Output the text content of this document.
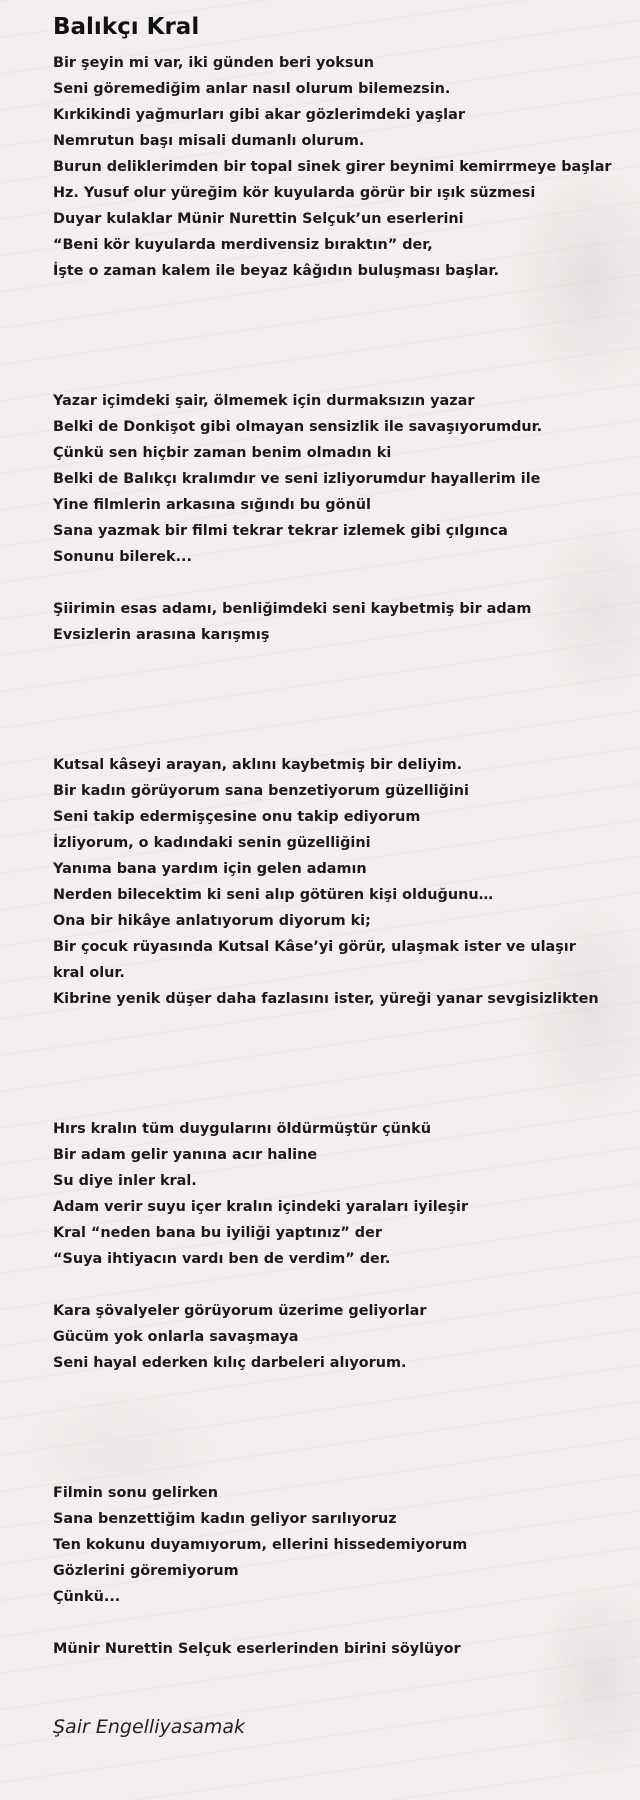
Balıkçı Kral
Bir şeyin mi var, iki günden beri yoksun
Seni göremediğim anlar nasıl olurum bilemezsin.
Kırkikindi yağmurları gibi akar gözlerimdeki yaşlar
Nemrutun başı misali dumanlı olurum.
Burun deliklerimden bir topal sinek girer beynimi kemirrmeye başlar
Hz. Yusuf olur yüreğim kör kuyularda görür bir ışık süzmesi
Duyar kulaklar Münir Nurettin Selçuk’un eserlerini
“Beni kör kuyularda merdivensiz bıraktın” der,
İşte o zaman kalem ile beyaz kâğıdın buluşması başlar.
Yazar içimdeki şair, ölmemek için durmaksızın yazar
Belki de Donkişot gibi olmayan sensizlik ile savaşıyorumdur.
Çünkü sen hiçbir zaman benim olmadın ki
Belki de Balıkçı kralımdır ve seni izliyorumdur hayallerim ile
Yine filmlerin arkasına sığındı bu gönül
Sana yazmak bir filmi tekrar tekrar izlemek gibi çılgınca
Sonunu bilerek...
Şiirimin esas adamı, benliğimdeki seni kaybetmiş bir adam
Evsizlerin arasına karışmış
Kutsal kâseyi arayan, aklını kaybetmiş bir deliyim.
Bir kadın görüyorum sana benzetiyorum güzelliğini
Seni takip edermişçesine onu takip ediyorum
İzliyorum, o kadındaki senin güzelliğini
Yanıma bana yardım için gelen adamın
Nerden bilecektim ki seni alıp götüren kişi olduğunu…
Ona bir hikâye anlatıyorum diyorum ki;
Bir çocuk rüyasında Kutsal Kâse’yi görür, ulaşmak ister ve ulaşır
kral olur.
Kibrine yenik düşer daha fazlasını ister, yüreği yanar sevgisizlikten
Hırs kralın tüm duygularını öldürmüştür çünkü
Bir adam gelir yanına acır haline
Su diye inler kral.
Adam verir suyu içer kralın içindeki yaraları iyileşir
Kral “neden bana bu iyiliği yaptınız” der
“Suya ihtiyacın vardı ben de verdim” der.
Kara şövalyeler görüyorum üzerime geliyorlar
Gücüm yok onlarla savaşmaya
Seni hayal ederken kılıç darbeleri alıyorum.
Filmin sonu gelirken
Sana benzettiğim kadın geliyor sarılıyoruz
Ten kokunu duyamıyorum, ellerini hissedemiyorum
Gözlerini göremiyorum
Çünkü...
Münir Nurettin Selçuk eserlerinden birini söylüyor
Şair Engelliyasamak
